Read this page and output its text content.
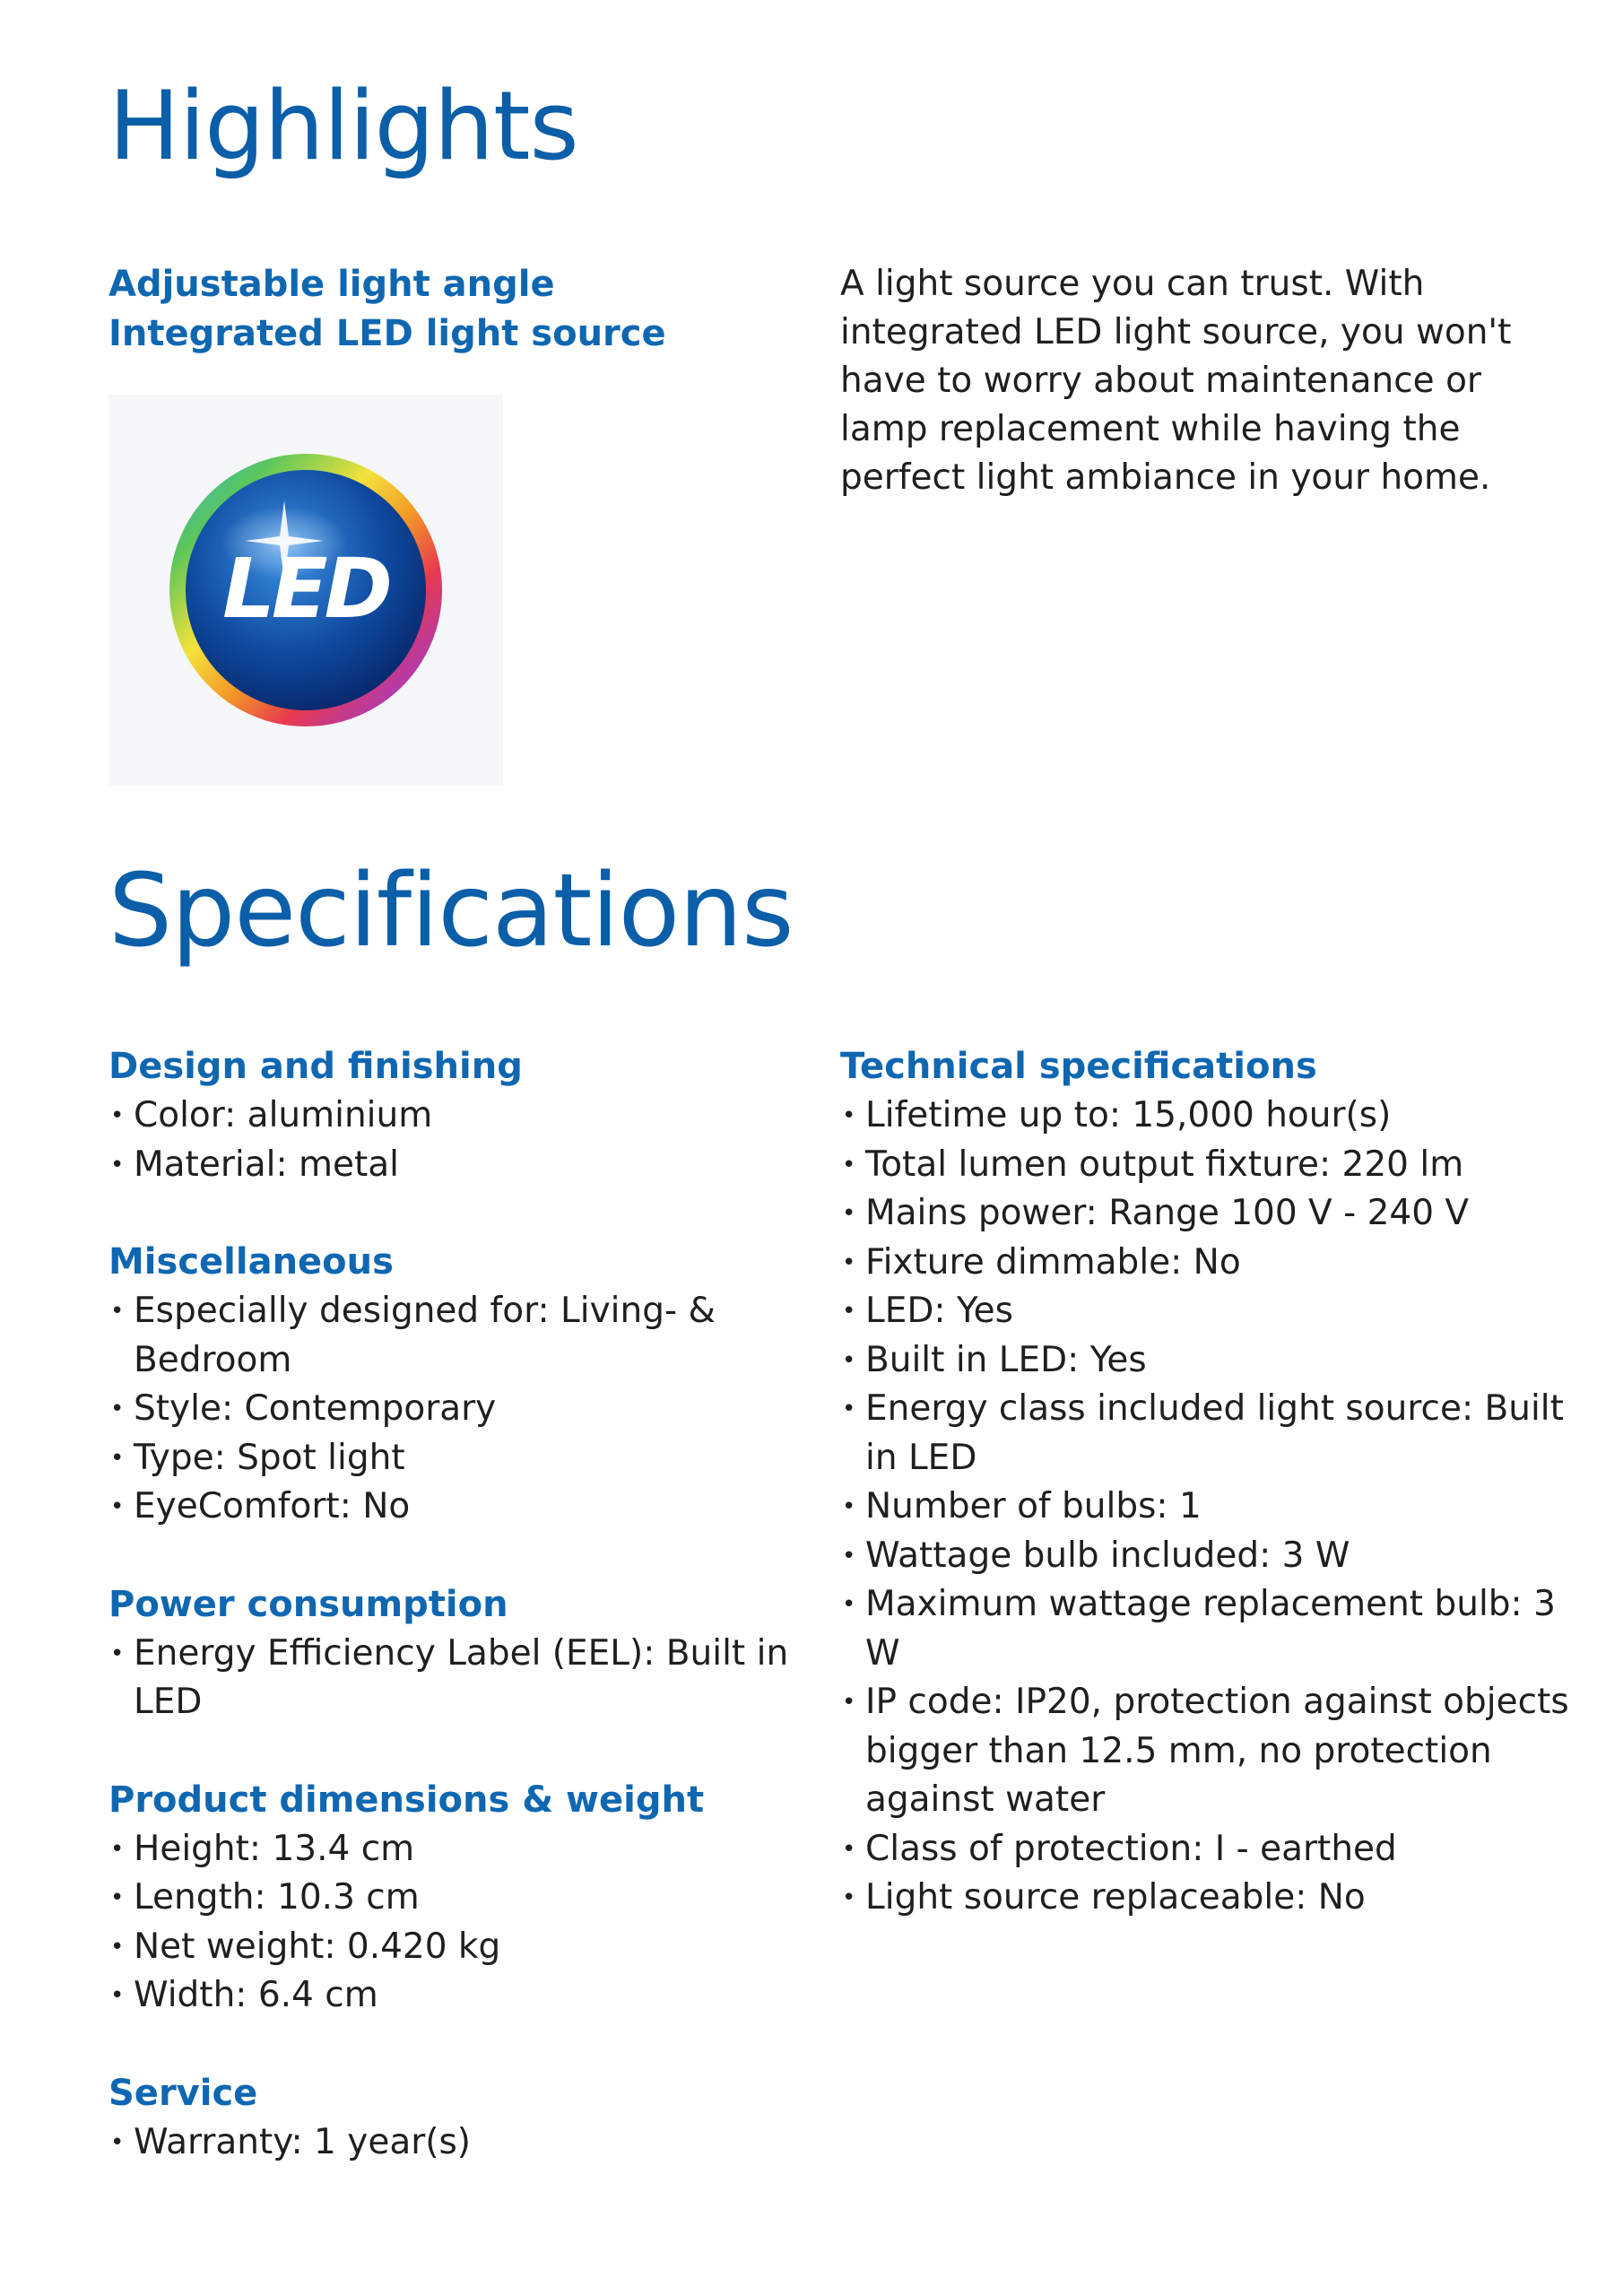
Highlights
Adjustable light angle
Integrated LED light source

A light source you can trust. With integrated LED light source, you won't have to worry about maintenance or lamp replacement while having the perfect light ambiance in your home.

LED
Specifications
Design and finishing
• Color: aluminium
• Material: metal
Miscellaneous
• Especially designed for: Living- & Bedroom
• Style: Contemporary
• Type: Spot light
• EyeComfort: No
Power consumption
• Energy Efficiency Label (EEL): Built in LED
Product dimensions & weight
• Height: 13.4 cm
• Length: 10.3 cm
• Net weight: 0.420 kg
• Width: 6.4 cm
Service
• Warranty: 1 year(s)
Technical specifications
• Lifetime up to: 15,000 hour(s)
• Total lumen output fixture: 220 lm
• Mains power: Range 100 V - 240 V
• Fixture dimmable: No
• LED: Yes
• Built in LED: Yes
• Energy class included light source: Built in LED
• Number of bulbs: 1
• Wattage bulb included: 3 W
• Maximum wattage replacement bulb: 3 W
• IP code: IP20, protection against objects bigger than 12.5 mm, no protection against water
• Class of protection: I - earthed
• Light source replaceable: No
